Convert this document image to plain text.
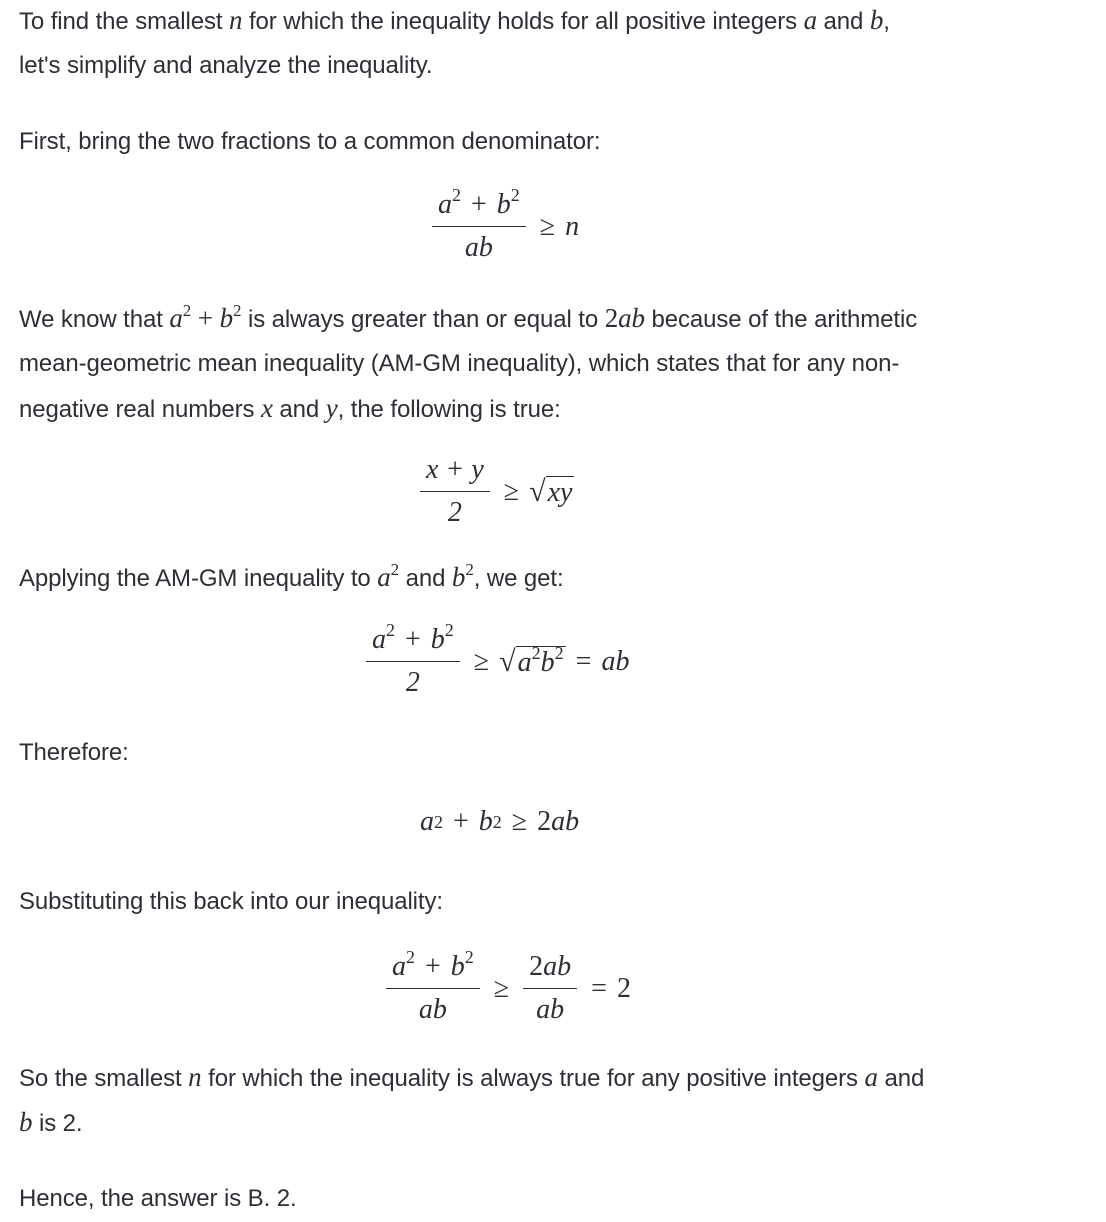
To find the smallest n for which the inequality holds for all positive integers a and b,
let's simplify and analyze the inequality.
First, bring the two fractions to a common denominator:
$\frac{a^2 + b^2}{ab} \ge n$
We know that $a^2 + b^2$ is always greater than or equal to 2ab because of the arithmetic
mean-geometric mean inequality (AM-GM inequality), which states that for any non-
negative real numbers x and y, the following is true:
$\frac{x + y}{2}$ ≥ √ xy
Applying the AM-GM inequality to $a^2$ and $b^2$, we get:
$\frac{a^2 + b^2}{2}$ ≥ √ $a^2b^2$ = ab
Therefore:
a 2 + b 2 ≥ 2 ab
Substituting this back into our inequality:
$\frac{a^2 + b^2}{ab} \ge \frac{2ab}{ab} = 2$
So the smallest n for which the inequality is always true for any positive integers a and
b is 2.
Hence, the answer is B. 2.
